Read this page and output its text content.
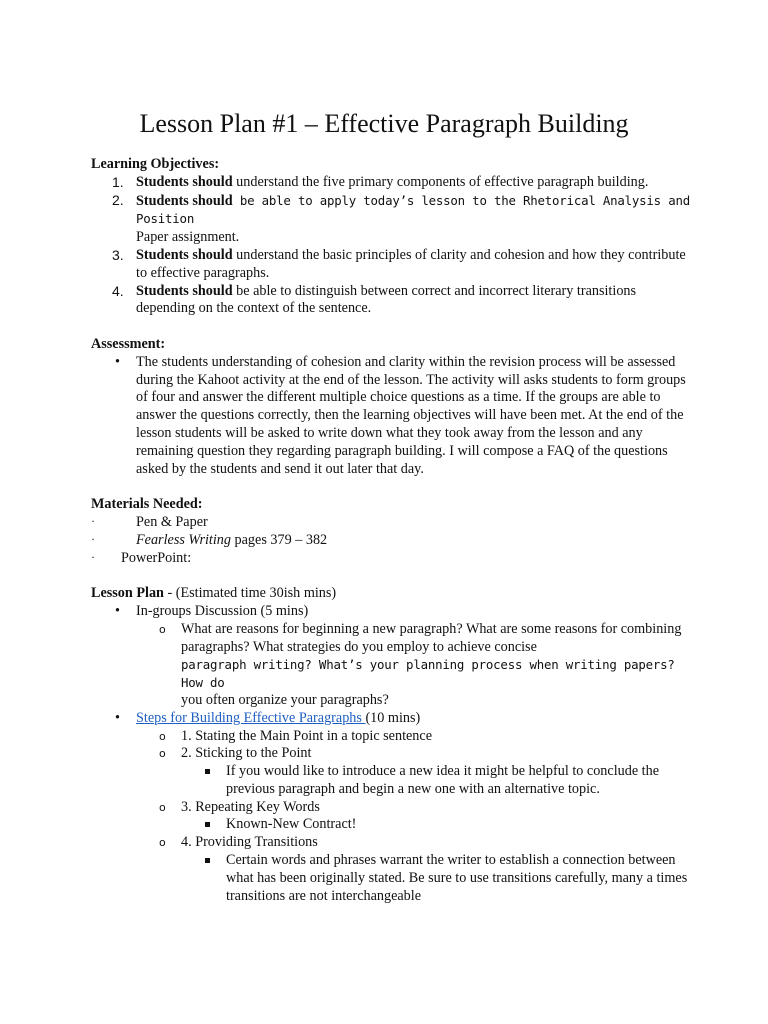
Lesson Plan #1 – Effective Paragraph Building
Learning Objectives:
1. Students should understand the five primary components of effective paragraph building.
2. Students should be able to apply today’s lesson to the Rhetorical Analysis and Position
Paper assignment.
3. Students should understand the basic principles of clarity and cohesion and how they contribute to effective paragraphs.
4. Students should be able to distinguish between correct and incorrect literary transitions depending on the context of the sentence.
Assessment:
• The students understanding of cohesion and clarity within the revision process will be assessed during the Kahoot activity at the end of the lesson. The activity will asks students to form groups of four and answer the different multiple choice questions as a time. If the groups are able to answer the questions correctly, then the learning objectives will have been met. At the end of the lesson students will be asked to write down what they took away from the lesson and any remaining question they regarding paragraph building. I will compose a FAQ of the questions asked by the students and send it out later that day.
Materials Needed:
·	Pen & Paper
·	Fearless Writing pages 379 – 382
·	PowerPoint:
Lesson Plan - (Estimated time 30ish mins)
• In-groups Discussion (5 mins)
o What are reasons for beginning a new paragraph? What are some reasons for combining paragraphs? What strategies do you employ to achieve concise
paragraph writing? What’s your planning process when writing papers? How do
you often organize your paragraphs?
• Steps for Building Effective Paragraphs (10 mins)
o 1. Stating the Main Point in a topic sentence
o 2. Sticking to the Point
If you would like to introduce a new idea it might be helpful to conclude the previous paragraph and begin a new one with an alternative topic.
o 3. Repeating Key Words
Known-New Contract!
o 4. Providing Transitions
Certain words and phrases warrant the writer to establish a connection between what has been originally stated. Be sure to use transitions carefully, many a times transitions are not interchangeable
